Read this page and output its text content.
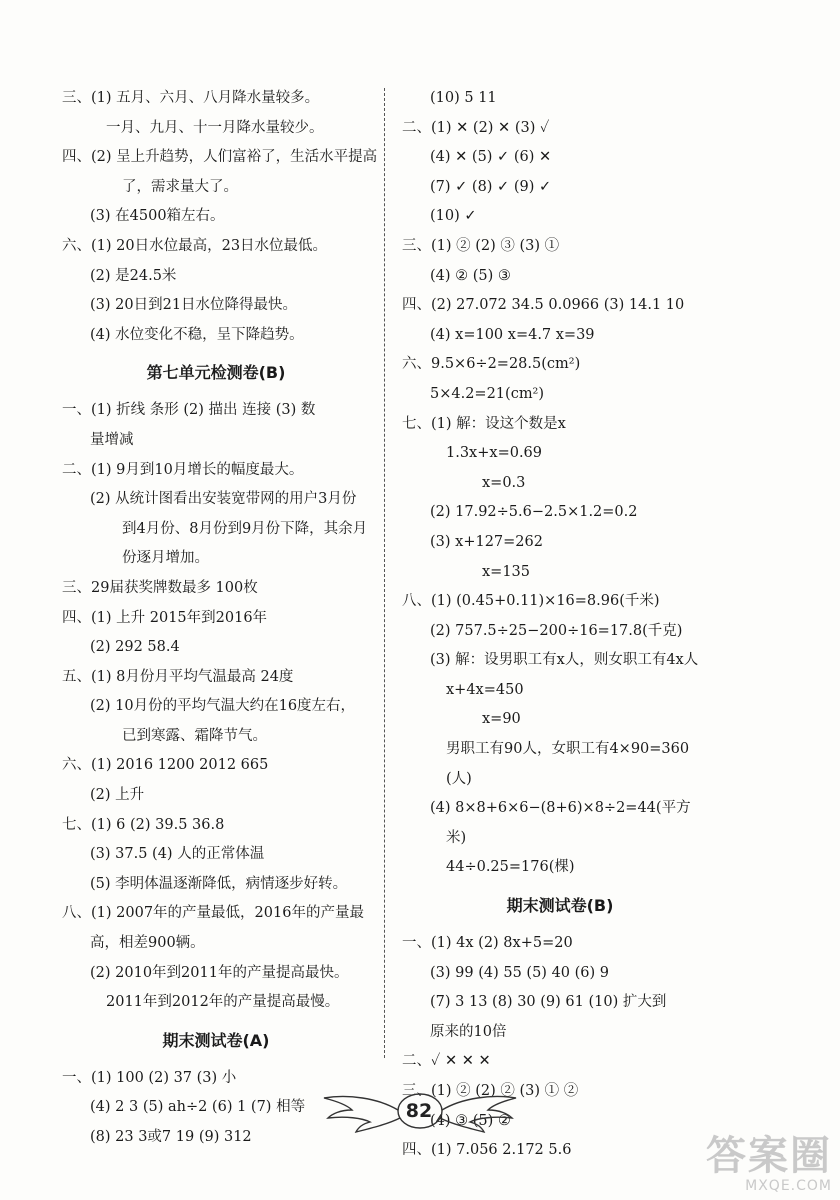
三、(1) 五月、六月、八月降水量较多。
一月、九月、十一月降水量较少。
四、(2) 呈上升趋势，人们富裕了，生活水平提高
了，需求量大了。
(3) 在4500箱左右。
六、(1) 20日水位最高，23日水位最低。
(2) 是24.5米
(3) 20日到21日水位降得最快。
(4) 水位变化不稳，呈下降趋势。
第七单元检测卷(B)
一、(1) 折线 条形 (2) 描出 连接 (3) 数
量增减
二、(1) 9月到10月增长的幅度最大。
(2) 从统计图看出安装宽带网的用户3月份
到4月份、8月份到9月份下降，其余月
份逐月增加。
三、29届获奖牌数最多 100枚
四、(1) 上升 2015年到2016年
(2) 292 58.4
五、(1) 8月份月平均气温最高 24度
(2) 10月份的平均气温大约在16度左右，
已到寒露、霜降节气。
六、(1) 2016 1200 2012 665
(2) 上升
七、(1) 6 (2) 39.5 36.8
(3) 37.5 (4) 人的正常体温
(5) 李明体温逐渐降低，病情逐步好转。
八、(1) 2007年的产量最低，2016年的产量最
高，相差900辆。
(2) 2010年到2011年的产量提高最快。
2011年到2012年的产量提高最慢。
期末测试卷(A)
一、(1) 100 (2) 37 (3) 小
(4) 2 3 (5) ah÷2 (6) 1 (7) 相等
(8) 23 3或7 19 (9) 312
(10) 5 11
二、(1) ✕ (2) ✕ (3) ✓
(4) ✕ (5) ✓ (6) ✕
(7) ✓ (8) ✓ (9) ✓
(10) ✓
三、(1) ② (2) ③ (3) ①
(4) ② (5) ③
四、(2) 27.072 34.5 0.0966 (3) 14.1 10
(4) x=100 x=4.7 x=39
六、9.5×6÷2=28.5(cm²)
5×4.2=21(cm²)
七、(1) 解：设这个数是x
1.3x+x=0.69
x=0.3
(2) 17.92÷5.6−2.5×1.2=0.2
(3) x+127=262
x=135
八、(1) (0.45+0.11)×16=8.96(千米)
(2) 757.5÷25−200÷16=17.8(千克)
(3) 解：设男职工有x人，则女职工有4x人
x+4x=450
x=90
男职工有90人，女职工有4×90=360
(人)
(4) 8×8+6×6−(8+6)×8÷2=44(平方
米)
44÷0.25=176(棵)
期末测试卷(B)
一、(1) 4x (2) 8x+5=20
(3) 99 (4) 55 (5) 40 (6) 9
(7) 3 13 (8) 30 (9) 61 (10) 扩大到
原来的10倍
二、✓ ✕ ✕ ✕
三、(1) ② (2) ② (3) ① ②
(4) ③ (5) ②
四、(1) 7.056 2.172 5.6
82
答案圈
MXQE.COM
